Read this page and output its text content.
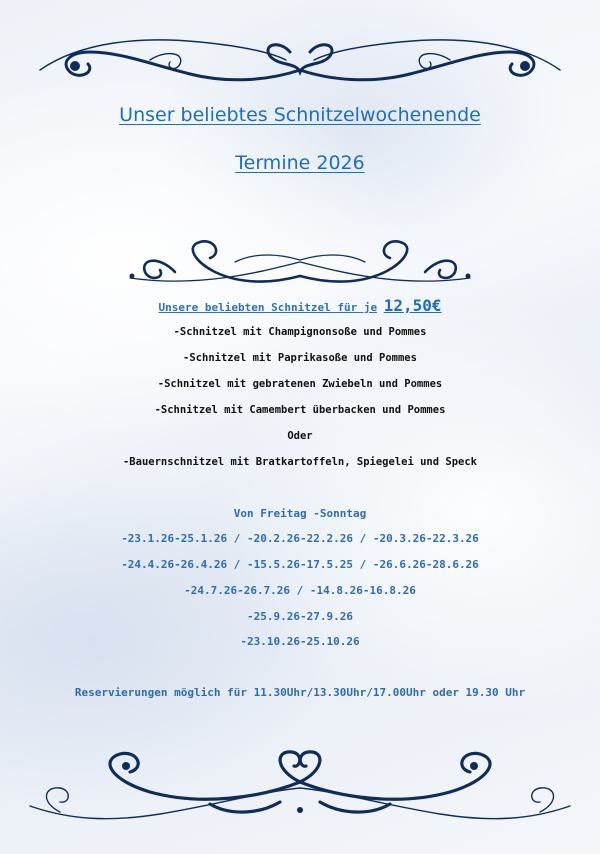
Unser beliebtes Schnitzelwochenende
Termine 2026
Unsere beliebten Schnitzel für je 12,50€
-Schnitzel mit Champignonsoße und Pommes
-Schnitzel mit Paprikasoße und Pommes
-Schnitzel mit gebratenen Zwiebeln und Pommes
-Schnitzel mit Camembert überbacken und Pommes
Oder
-Bauernschnitzel mit Bratkartoffeln, Spiegelei und Speck
Von Freitag -Sonntag
-23.1.26-25.1.26 / -20.2.26-22.2.26 / -20.3.26-22.3.26
-24.4.26-26.4.26 / -15.5.26-17.5.25 / -26.6.26-28.6.26
-24.7.26-26.7.26 / -14.8.26-16.8.26
-25.9.26-27.9.26
-23.10.26-25.10.26
Reservierungen möglich für 11.30Uhr/13.30Uhr/17.00Uhr oder 19.30 Uhr
